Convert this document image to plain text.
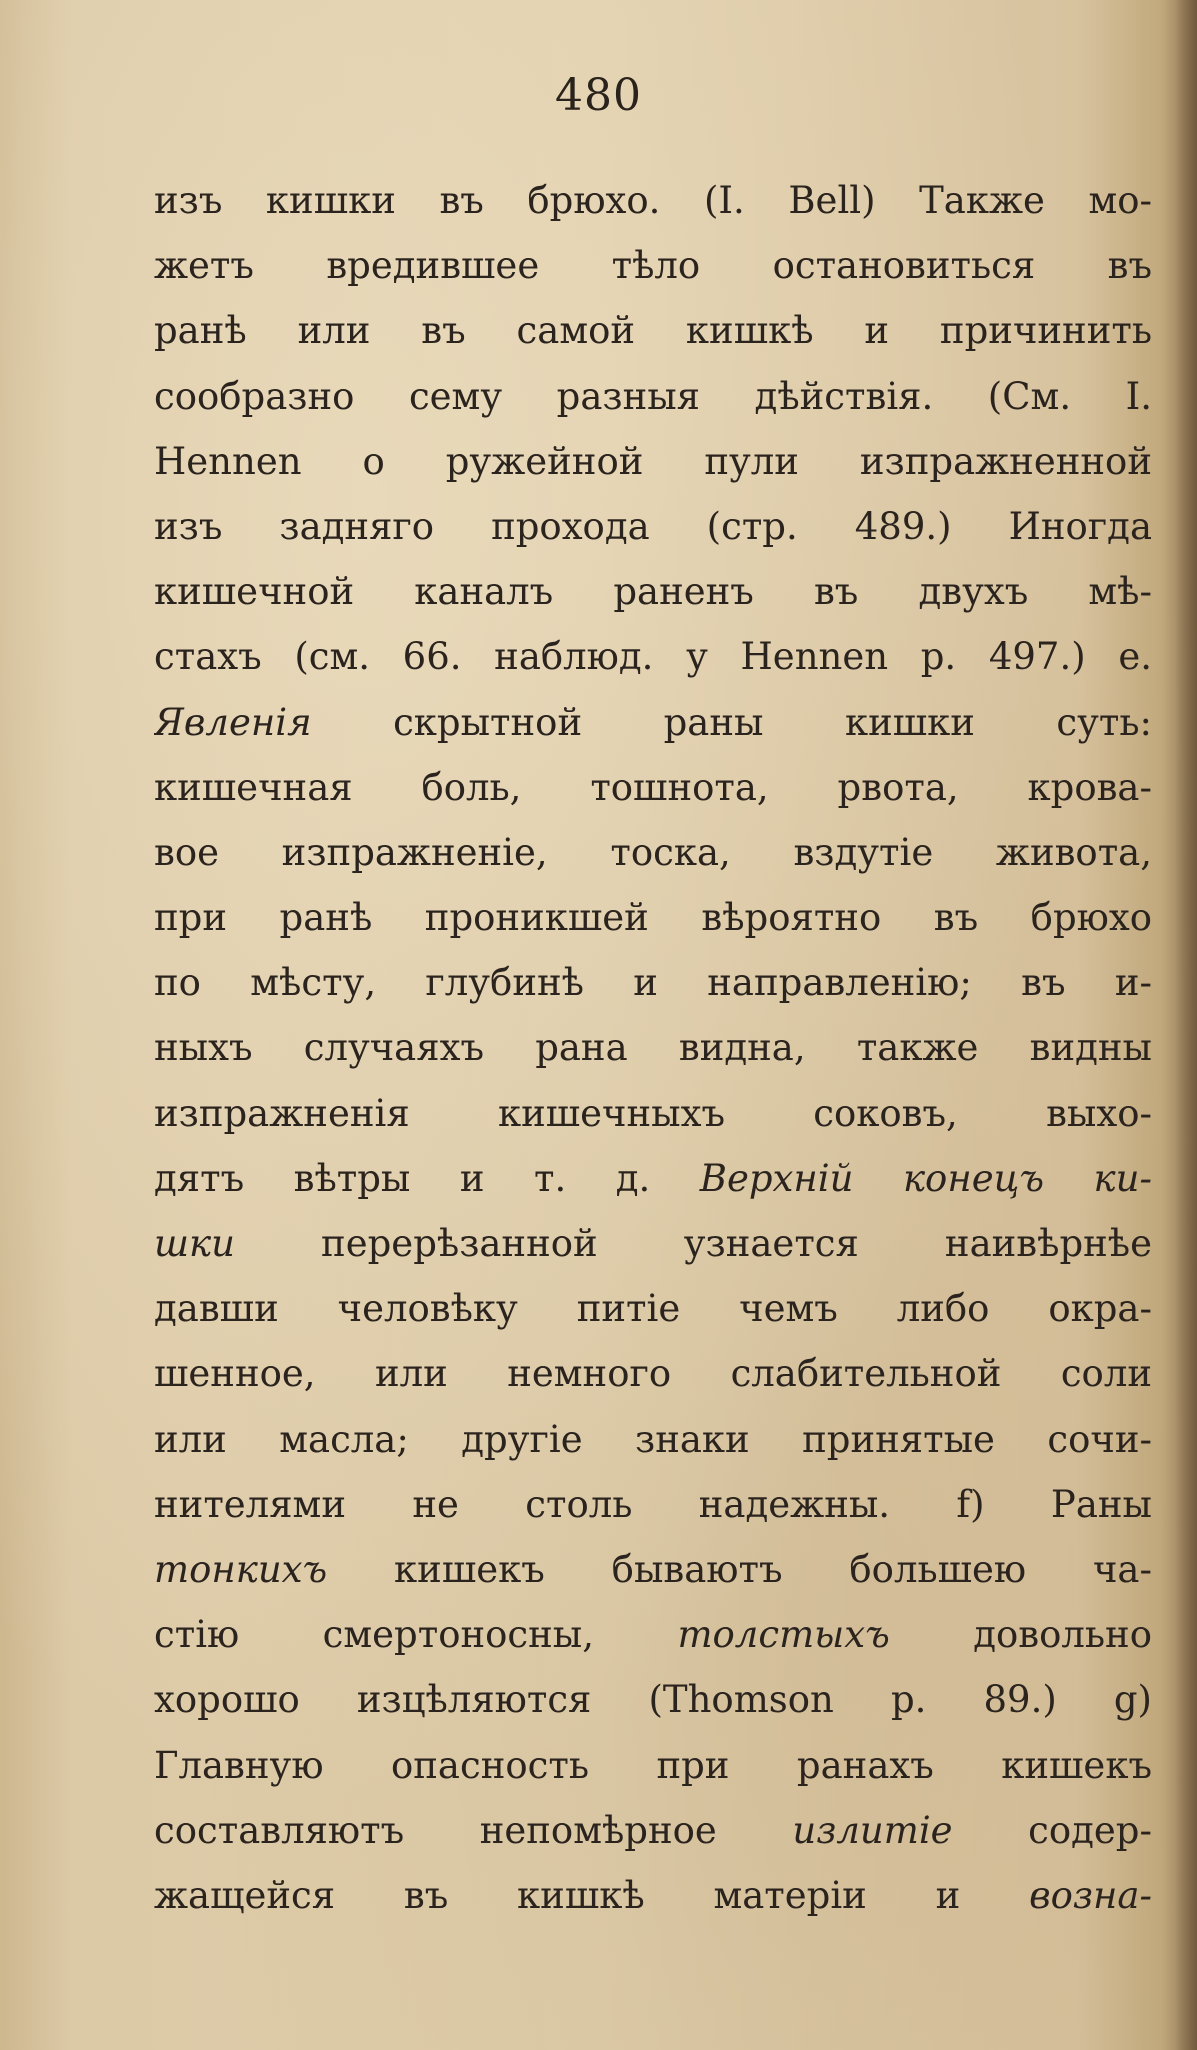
480
изъ кишки въ брюхо. (I. Bell) Также мо-
жетъ вредившее тѣло остановиться въ
ранѣ или въ самой кишкѣ и причинить
сообразно сему разныя дѣйствія. (См. I.
Hennen о ружейной пули изпражненной
изъ задняго прохода (стр. 489.) Иногда
кишечной каналъ раненъ въ двухъ мѣ-
стахъ (см. 66. наблюд. у Hennen p. 497.) e.
Явленія скрытной раны кишки суть:
кишечная боль, тошнота, рвота, крова-
вое изпражненіе, тоска, вздутіе живота,
при ранѣ проникшей вѣроятно въ брюхо
по мѣсту, глубинѣ и направленію; въ и-
ныхъ случаяхъ рана видна, также видны
изпражненія кишечныхъ соковъ, выхо-
дятъ вѣтры и т. д. Верхній конецъ ки-
шки перерѣзанной узнается наивѣрнѣе
давши человѣку питіе чемъ либо окра-
шенное, или немного слабительной соли
или масла; другіе знаки принятые сочи-
нителями не столь надежны. f) Раны
тонкихъ кишекъ бываютъ большею ча-
стію смертоносны, толстыхъ довольно
хорошо изцѣляются (Thomson p. 89.) g)
Главную опасность при ранахъ кишекъ
составляютъ непомѣрное излитіе содер-
жащейся въ кишкѣ матеріи и возна-
